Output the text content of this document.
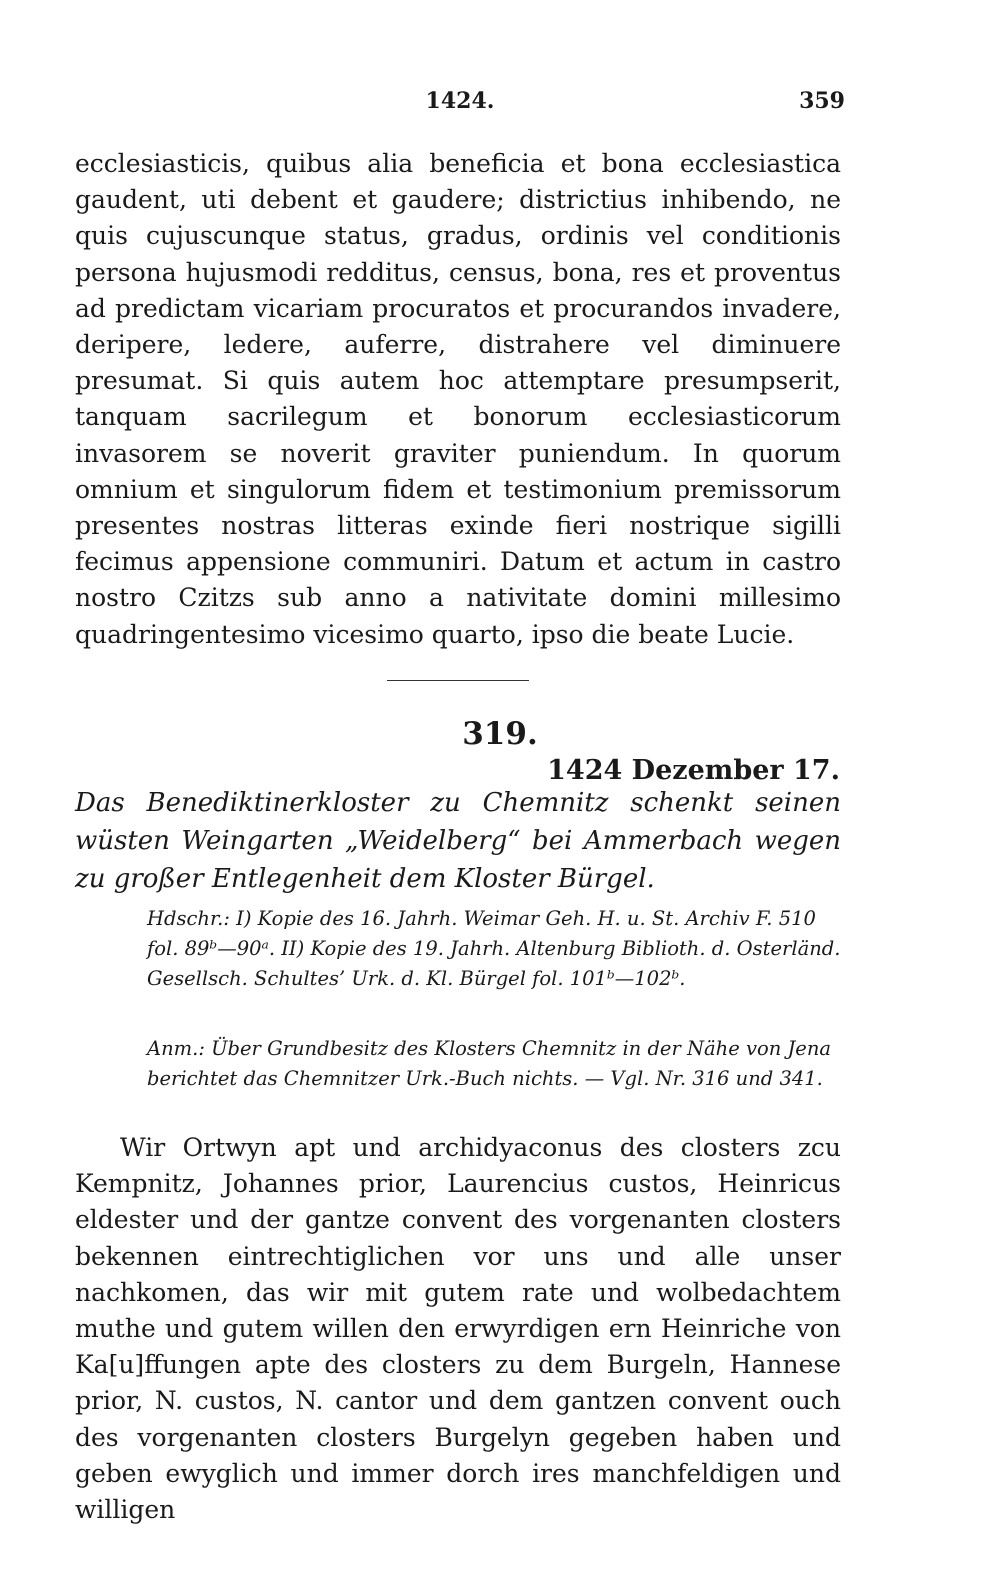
1424.	359

ecclesiasticis, quibus alia beneficia et bona ecclesiastica gaudent, uti debent et gaudere; districtius inhibendo, ne quis cujuscunque status, gradus, ordinis vel conditionis persona hujusmodi redditus, census, bona, res et proventus ad predictam vicariam procuratos et procurandos invadere, deripere, ledere, auferre, distrahere vel diminuere presumat. Si quis autem hoc attemptare presumpserit, tanquam sacrilegum et bonorum ecclesiasticorum invasorem se noverit graviter puniendum. In quorum omnium et singulorum fidem et testimonium premissorum presentes nostras litteras exinde fieri nostrique sigilli fecimus appensione communiri. Datum et actum in castro nostro Czitzs sub anno a nativitate domini millesimo quadringentesimo vicesimo quarto, ipso die beate Lucie.

319.
1424 Dezember 17.

Das Benediktinerkloster zu Chemnitz schenkt seinen wüsten Weingarten „Weidelberg“ bei Ammerbach wegen zu großer Entlegenheit dem Kloster Bürgel.

Hdschr.: I) Kopie des 16. Jahrh. Weimar Geh. H. u. St. Archiv F. 510 fol. 89ᵇ—90ᵃ. II) Kopie des 19. Jahrh. Altenburg Biblioth. d. Osterländ. Gesellsch. Schultes’ Urk. d. Kl. Bürgel fol. 101ᵇ—102ᵇ.

Anm.: Über Grundbesitz des Klosters Chemnitz in der Nähe von Jena berichtet das Chemnitzer Urk.-Buch nichts. — Vgl. Nr. 316 und 341.

Wir Ortwyn apt und archidyaconus des closters zcu Kempnitz, Johannes prior, Laurencius custos, Heinricus eldester und der gantze convent des vorgenanten closters bekennen eintrechtiglichen vor uns und alle unser nachkomen, das wir mit gutem rate und wolbedachtem muthe und gutem willen den erwyrdigen ern Heinriche von Ka[u]ffungen apte des closters zu dem Burgeln, Hannese prior, N. custos, N. cantor und dem gantzen convent ouch des vorgenanten closters Burgelyn gegeben haben und geben ewyglich und immer dorch ires manchfeldigen und willigen
